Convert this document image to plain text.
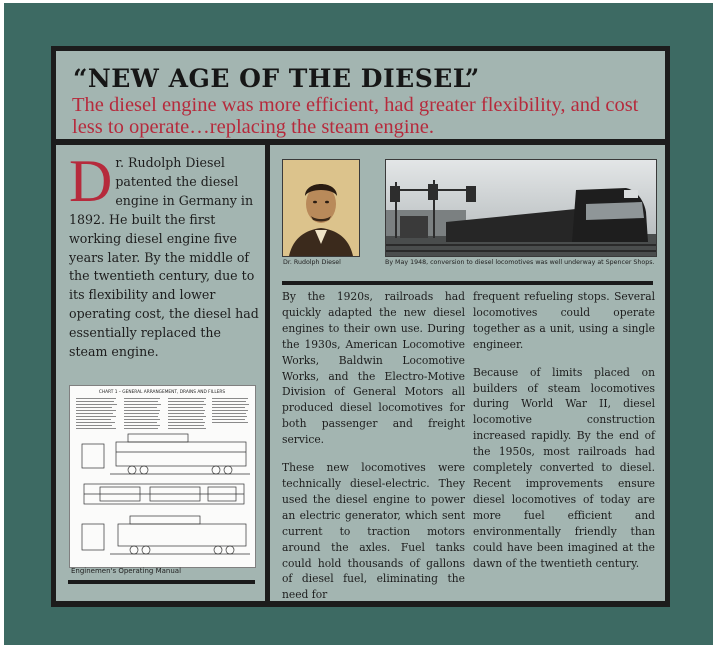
“NEW AGE OF THE DIESEL”
The diesel engine was more efficient, had greater flexibility, and cost less to operate…replacing the steam engine.
Dr. Rudolph Diesel patented the diesel engine in Germany in 1892. He built the first working diesel engine five years later. By the middle of the twentieth century, due to its flexibility and lower operating cost, the diesel had essentially replaced the steam engine.
CHART 1 – GENERAL ARRANGEMENT, DRAINS AND FILLERS
Enginemen's Operating Manual
Dr. Rudolph Diesel	By May 1948, conversion to diesel locomotives was well underway at Spencer Shops.

By the 1920s, railroads had quickly adapted the new diesel engines to their own use. During the 1930s, American Locomotive Works, Baldwin Locomotive Works, and the Electro-Motive Division of General Motors all produced diesel locomotives for both passenger and freight service.

These new locomotives were technically diesel-electric. They used the diesel engine to power an electric generator, which sent current to traction motors around the axles. Fuel tanks could hold thousands of gallons of diesel fuel, eliminating the need for

frequent refueling stops. Several locomotives could operate together as a unit, using a single engineer.

Because of limits placed on builders of steam locomotives during World War II, diesel locomotive construction increased rapidly. By the end of the 1950s, most railroads had completely converted to diesel. Recent improvements ensure diesel locomotives of today are more fuel efficient and environmentally friendly than could have been imagined at the dawn of the twentieth century.
